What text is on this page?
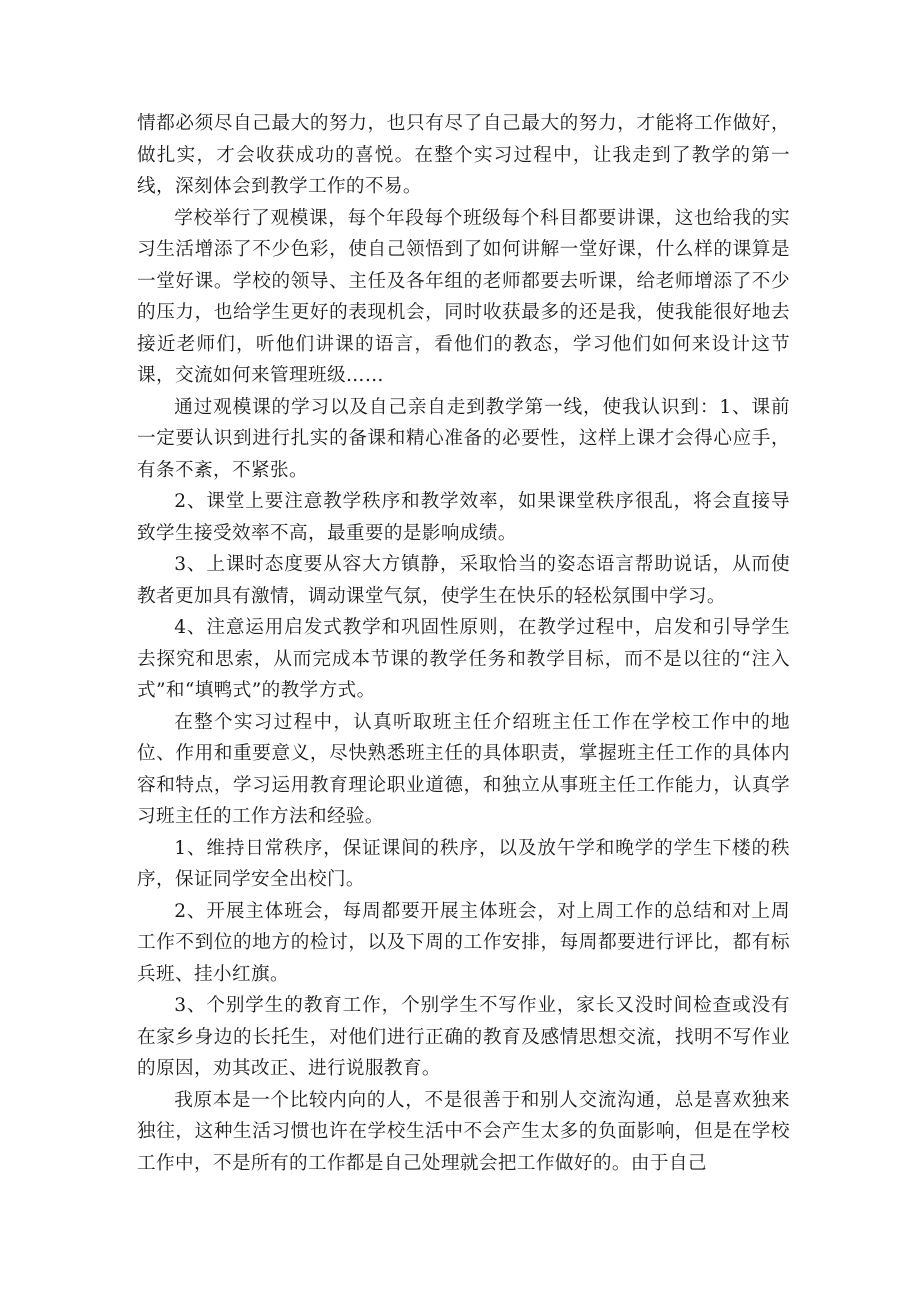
情都必须尽自己最大的努力，也只有尽了自己最大的努力，才能将工作做好，做扎实，才会收获成功的喜悦。在整个实习过程中，让我走到了教学的第一线，深刻体会到教学工作的不易。

学校举行了观模课，每个年段每个班级每个科目都要讲课，这也给我的实习生活增添了不少色彩，使自己领悟到了如何讲解一堂好课，什么样的课算是一堂好课。学校的领导、主任及各年组的老师都要去听课，给老师增添了不少的压力，也给学生更好的表现机会，同时收获最多的还是我，使我能很好地去接近老师们，听他们讲课的语言，看他们的教态，学习他们如何来设计这节课，交流如何来管理班级……

通过观模课的学习以及自己亲自走到教学第一线，使我认识到：1、课前一定要认识到进行扎实的备课和精心准备的必要性，这样上课才会得心应手，有条不紊，不紧张。

2、课堂上要注意教学秩序和教学效率，如果课堂秩序很乱，将会直接导致学生接受效率不高，最重要的是影响成绩。

3、上课时态度要从容大方镇静，采取恰当的姿态语言帮助说话，从而使教者更加具有激情，调动课堂气氛，使学生在快乐的轻松氛围中学习。

4、注意运用启发式教学和巩固性原则，在教学过程中，启发和引导学生去探究和思索，从而完成本节课的教学任务和教学目标，而不是以往的“注入式”和“填鸭式”的教学方式。

在整个实习过程中，认真听取班主任介绍班主任工作在学校工作中的地位、作用和重要意义，尽快熟悉班主任的具体职责，掌握班主任工作的具体内容和特点，学习运用教育理论职业道德，和独立从事班主任工作能力，认真学习班主任的工作方法和经验。

1、维持日常秩序，保证课间的秩序，以及放午学和晚学的学生下楼的秩序，保证同学安全出校门。

2、开展主体班会，每周都要开展主体班会，对上周工作的总结和对上周工作不到位的地方的检讨，以及下周的工作安排，每周都要进行评比，都有标兵班、挂小红旗。

3、个别学生的教育工作，个别学生不写作业，家长又没时间检查或没有在家乡身边的长托生，对他们进行正确的教育及感情思想交流，找明不写作业的原因，劝其改正、进行说服教育。

我原本是一个比较内向的人，不是很善于和别人交流沟通，总是喜欢独来独往，这种生活习惯也许在学校生活中不会产生太多的负面影响，但是在学校工作中，不是所有的工作都是自己处理就会把工作做好的。由于自己
